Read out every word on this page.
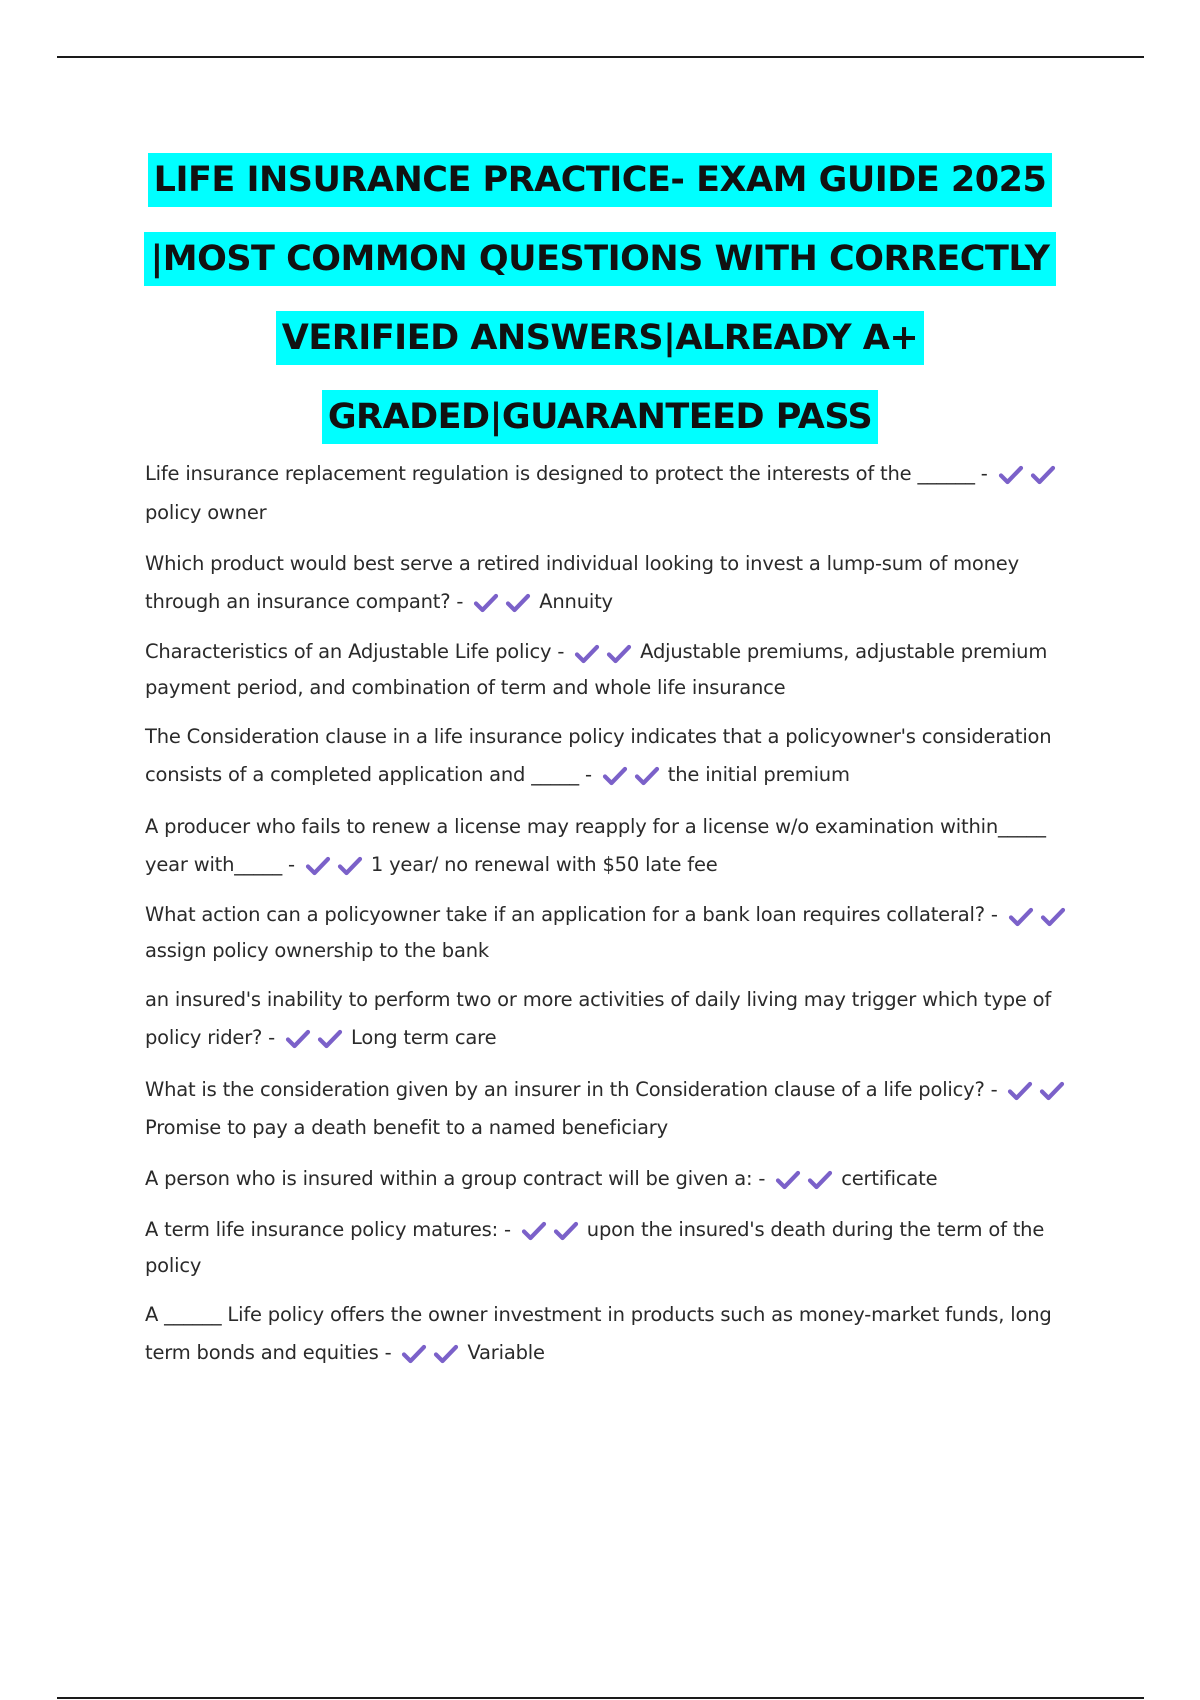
LIFE INSURANCE PRACTICE- EXAM GUIDE 2025
|MOST COMMON QUESTIONS WITH CORRECTLY
VERIFIED ANSWERS|ALREADY A+
GRADED|GUARANTEED PASS
Life insurance replacement regulation is designed to protect the interests of the ______ -
policy owner
Which product would best serve a retired individual looking to invest a lump-sum of money through an insurance compant? -	Annuity
Characteristics of an Adjustable Life policy -	Adjustable premiums, adjustable premium payment period, and combination of term and whole life insurance
The Consideration clause in a life insurance policy indicates that a policyowner's consideration consists of a completed application and _____ -	the initial premium
A producer who fails to renew a license may reapply for a license w/o examination within_____ year with_____ -	1 year/ no renewal with $50 late fee
What action can a policyowner take if an application for a bank loan requires collateral? -
assign policy ownership to the bank
an insured's inability to perform two or more activities of daily living may trigger which type of policy rider? -	Long term care
What is the consideration given by an insurer in th Consideration clause of a life policy? -
Promise to pay a death benefit to a named beneficiary
A person who is insured within a group contract will be given a: -	certificate
A term life insurance policy matures: -	upon the insured's death during the term of the policy
A ______ Life policy offers the owner investment in products such as money-market funds, long term bonds and equities -	Variable
